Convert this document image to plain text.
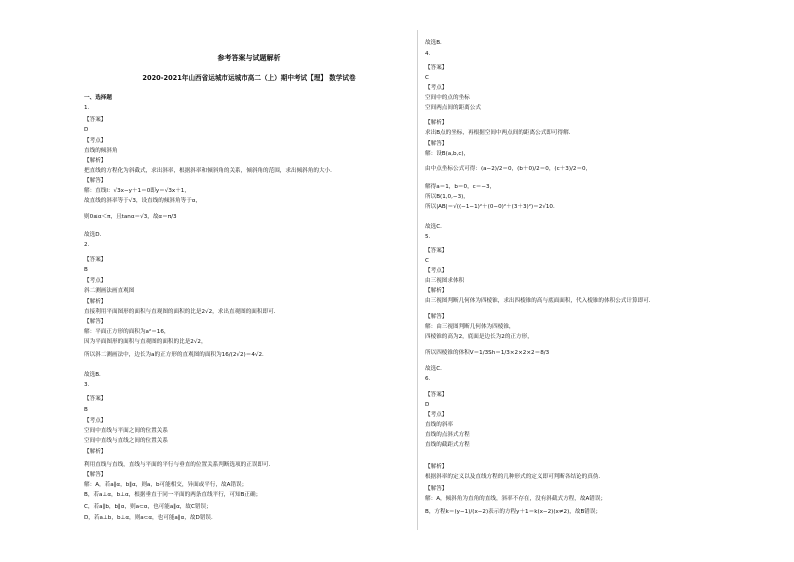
参考答案与试题解析
2020-2021年山西省运城市运城市高二（上）期中考试【理】 数学试卷
一、选择题
1.
【答案】
D
【考点】
直线的倾斜角
【解析】
把直线的方程化为斜截式，求出斜率，根据斜率和倾斜角的关系，倾斜角的范围，求出倾斜角的大小．
【解答】
解：直线l：√3x−y＋1＝0即y＝√3x＋1，
故直线的斜率等于√3，设直线的倾斜角等于α，
则0≤α＜π，且tanα＝√3，故α＝π/3
故选D．
2.
【答案】
B
【考点】
斜二测画法画直观图
【解析】
直接利用平面图形的面积与直观图的面积的比是2√2，求出直观图的面积即可．
【解答】
解：平面正方形的面积为a²＝16，
因为平面图形的面积与直观图的面积的比是2√2，
所以斜二测画法中，边长为a的正方形的直观图的面积为16/(2√2)＝4√2．
故选B．
3.
【答案】
B
【考点】
空间中直线与平面之间的位置关系
空间中直线与直线之间的位置关系
【解析】
利用直线与直线，直线与平面的平行与垂直的位置关系判断选项的正误即可．
【解答】
解：A，若a∥α，b∥α，则a，b可能相交，异面或平行，故A错误；
B，若a⊥α，b⊥α，根据垂直于同一平面的两条直线平行，可知B正确；
C，若a∥b，b∥α，则a⊂α，也可能a∥α，故C错误；
D，若a⊥b，b⊥α，则a⊂α，也可能a∥α，故D错误．
故选B．
4.
【答案】
C
【考点】
空间中的点的坐标
空间两点间的距离公式
【解析】
求出B点的坐标，再根据空间中两点间的距离公式即可得解．
【解答】
解：设B(a,b,c)，
由中点坐标公式可得：(a−2)/2＝0，(b＋0)/2＝0，(c＋3)/2＝0，
解得a＝1，b＝0，c＝−3，
所以B(1,0,−3)，
所以|AB|＝√((−1−1)²＋(0−0)²＋(3＋3)²)＝2√10．
故选C．
5.
【答案】
C
【考点】
由三视图求体积
【解析】
由三视图判断几何体为四棱锥，求出四棱锥的高与底面面积，代入棱锥的体积公式计算即可．
【解答】
解：由三视图判断几何体为四棱锥，
四棱锥的高为2，底面是边长为2的正方形，
所以四棱锥的体积V＝1/3Sh＝1/3×2×2×2＝8/3
故选C．
6.
【答案】
D
【考点】
直线的斜率
直线的点斜式方程
直线的截距式方程
【解析】
根据斜率的定义以及直线方程的几种形式的定义即可判断各结论的真伪．
【解答】
解：A，倾斜角为直角的直线，斜率不存在，没有斜截式方程，故A错误；
B，方程k＝(y−1)/(x−2)表示的方程y＋1＝k(x−2)(x≠2)，故B错误；
